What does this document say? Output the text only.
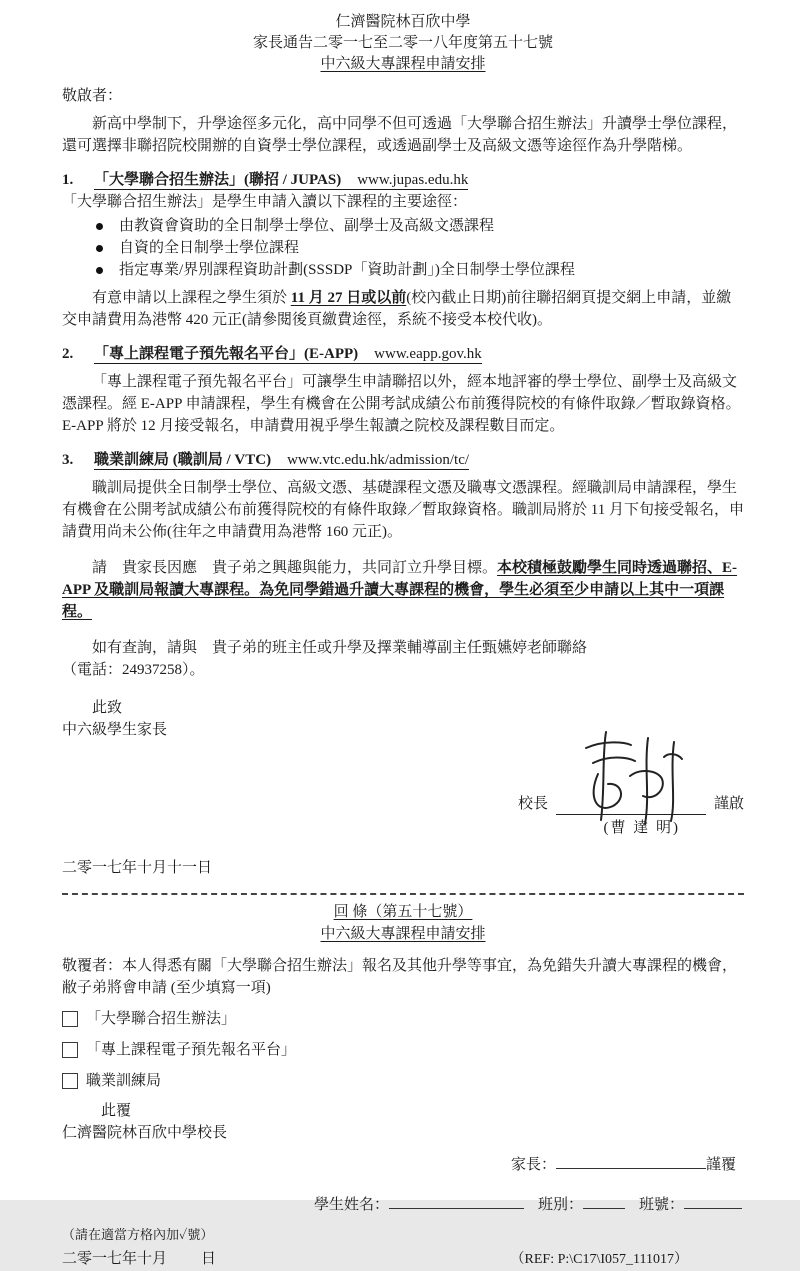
仁濟醫院林百欣中學
家長通告二零一七至二零一八年度第五十七號
中六級大專課程申請安排

敬啟者：

新高中學制下，升學途徑多元化，高中同學不但可透過「大學聯合招生辦法」升讀學士學位課程，還可選擇非聯招院校開辦的自資學士學位課程，或透過副學士及高級文憑等途徑作為升學階梯。

1. 「大學聯合招生辦法」(聯招 / JUPAS) www.jupas.edu.hk

「大學聯合招生辦法」是學生申請入讀以下課程的主要途徑：

由教資會資助的全日制學士學位、副學士及高級文憑課程
自資的全日制學士學位課程
指定專業/界別課程資助計劃(SSSDP「資助計劃」)全日制學士學位課程

有意申請以上課程之學生須於 11 月 27 日或以前(校內截止日期)前往聯招網頁提交網上申請，並繳交申請費用為港幣 420 元正(請參閱後頁繳費途徑，系統不接受本校代收)。

2. 「專上課程電子預先報名平台」(E-APP) www.eapp.gov.hk

「專上課程電子預先報名平台」可讓學生申請聯招以外，經本地評審的學士學位、副學士及高級文憑課程。經 E-APP 申請課程，學生有機會在公開考試成績公布前獲得院校的有條件取錄／暫取錄資格。E-APP 將於 12 月接受報名，申請費用視乎學生報讀之院校及課程數目而定。

3. 職業訓練局 (職訓局 / VTC) www.vtc.edu.hk/admission/tc/

職訓局提供全日制學士學位、高級文憑、基礎課程文憑及職專文憑課程。經職訓局申請課程，學生有機會在公開考試成績公布前獲得院校的有條件取錄／暫取錄資格。職訓局將於 11 月下旬接受報名，申請費用尚未公佈(往年之申請費用為港幣 160 元正)。

請　貴家長因應　貴子弟之興趣與能力，共同訂立升學目標。本校積極鼓勵學生同時透過聯招、E-APP 及職訓局報讀大專課程。為免同學錯過升讀大專課程的機會，學生必須至少申請以上其中一項課程。

如有查詢，請與　貴子弟的班主任或升學及擇業輔導副主任甄嬿婷老師聯絡

（電話：24937258）。

此致

中六級學生家長

校長	謹啟
(曹 達 明)

二零一七年十月十一日

回 條（第五十七號）
中六級大專課程申請安排

敬覆者：本人得悉有關「大學聯合招生辦法」報名及其他升學等事宜，為免錯失升讀大專課程的機會，敝子弟將會申請 (至少填寫一項)

「大學聯合招生辦法」
「專上課程電子預先報名平台」
職業訓練局

此覆

仁濟醫院林百欣中學校長

家長：	謹覆
學生姓名：	班別：	班號：
（請在適當方格內加✓號）
二零一七年十月 日	（REF: P:\C17\I057_111017）
